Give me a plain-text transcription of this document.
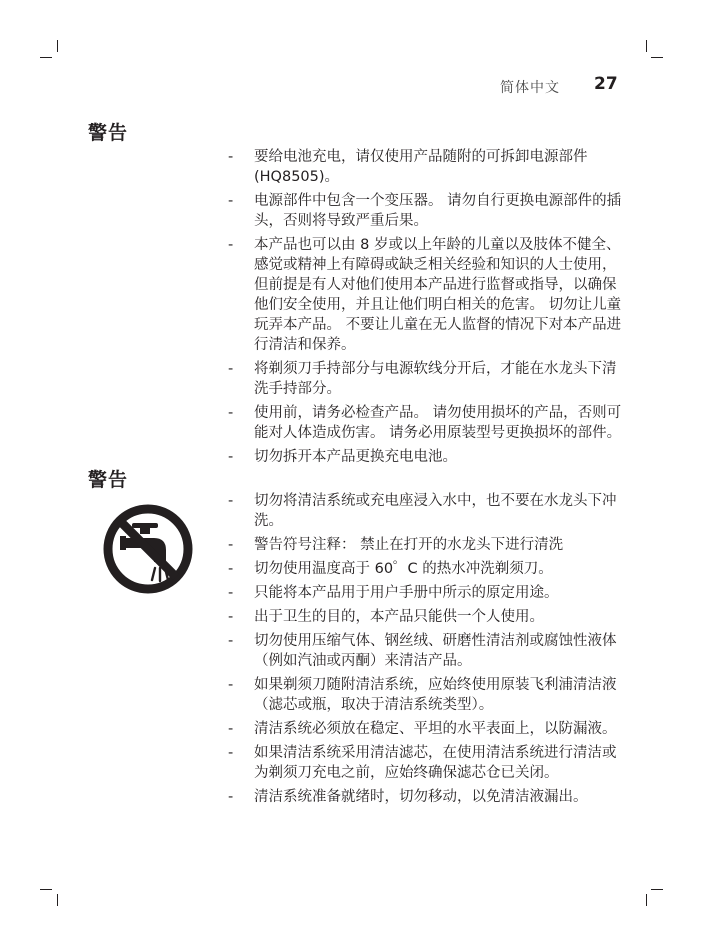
简体中文 27
警告
- 要给电池充电，请仅使用产品随附的可拆卸电源部件 (HQ8505)。
- 电源部件中包含一个变压器。 请勿自行更换电源部件的插头，否则将导致严重后果。
- 本产品也可以由 8 岁或以上年龄的儿童以及肢体不健全、感觉或精神上有障碍或缺乏相关经验和知识的人士使用，但前提是有人对他们使用本产品进行监督或指导，以确保他们安全使用，并且让他们明白相关的危害。 切勿让儿童玩弄本产品。 不要让儿童在无人监督的情况下对本产品进行清洁和保养。
- 将剃须刀手持部分与电源软线分开后，才能在水龙头下清洗手持部分。
- 使用前，请务必检查产品。 请勿使用损坏的产品，否则可能对人体造成伤害。 请务必用原装型号更换损坏的部件。
- 切勿拆开本产品更换充电电池。
警告
- 切勿将清洁系统或充电座浸入水中，也不要在水龙头下冲洗。
- 警告符号注释： 禁止在打开的水龙头下进行清洗
- 切勿使用温度高于 60゜C 的热水冲洗剃须刀。
- 只能将本产品用于用户手册中所示的原定用途。
- 出于卫生的目的，本产品只能供一个人使用。
- 切勿使用压缩气体、钢丝绒、研磨性清洁剂或腐蚀性液体（例如汽油或丙酮）来清洁产品。
- 如果剃须刀随附清洁系统，应始终使用原装飞利浦清洁液（滤芯或瓶，取决于清洁系统类型）。
- 清洁系统必须放在稳定、平坦的水平表面上，以防漏液。
- 如果清洁系统采用清洁滤芯，在使用清洁系统进行清洁或为剃须刀充电之前，应始终确保滤芯仓已关闭。
- 清洁系统准备就绪时，切勿移动，以免清洁液漏出。
